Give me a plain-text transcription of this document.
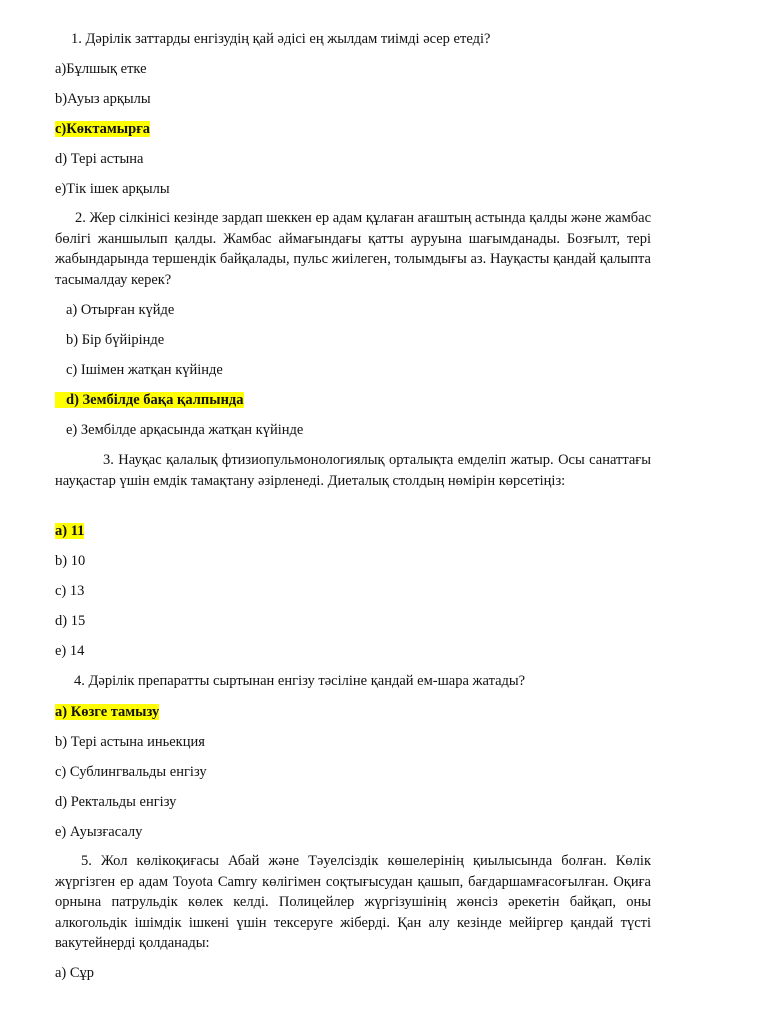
1. Дәрілік заттарды енгізудің қай әдісі ең жылдам тиімді әсер етеді?
a)Бұлшық етке
b)Ауыз арқылы
c)Көктамырға
d) Тері астына
e)Тік ішек арқылы
2. Жер сілкінісі кезінде зардап шеккен ер адам құлаған ағаштың астында қалды және жамбас бөлігі жаншылып қалды. Жамбас аймағындағы қатты ауруына шағымданады. Бозғылт, тері жабындарында тершендік байқалады, пульс жиілеген, толымдығы аз. Науқасты қандай қалыпта тасымалдау керек?
a) Отырған күйде
b) Бір бүйірінде
c) Ішімен жатқан күйінде
d) Зембілде бақа қалпында
e) Зембілде арқасында жатқан күйінде
3. Науқас қалалық фтизиопульмонологиялық орталықта емделіп жатыр. Осы санаттағы науқастар үшін емдік тамақтану әзірленеді. Диеталық столдың нөмірін көрсетіңіз:
a) 11
b) 10
c) 13
d) 15
e) 14
4. Дәрілік препаратты сыртынан енгізу тәсіліне қандай ем-шара жатады?
a) Көзге тамызу
b) Тері астына иньекция
c) Сублингвальды енгізу
d) Ректальды енгізу
e) Ауызғасалу
5. Жол көлікоқиғасы Абай және Тәуелсіздік көшелерінің қиылысында болған. Көлік жүргізген ер адам Toyota Camry көлігімен соқтығысудан қашып, бағдаршамғасоғылған. Оқиға орнына патрульдік көлек келді. Полицейлер жүргізушінің жөнсіз әрекетін байқап, оны алкогольдік ішімдік ішкені үшін тексеруге жіберді. Қан алу кезінде мейіргер қандай түсті вакутейнерді қолданады:
a) Сұр
